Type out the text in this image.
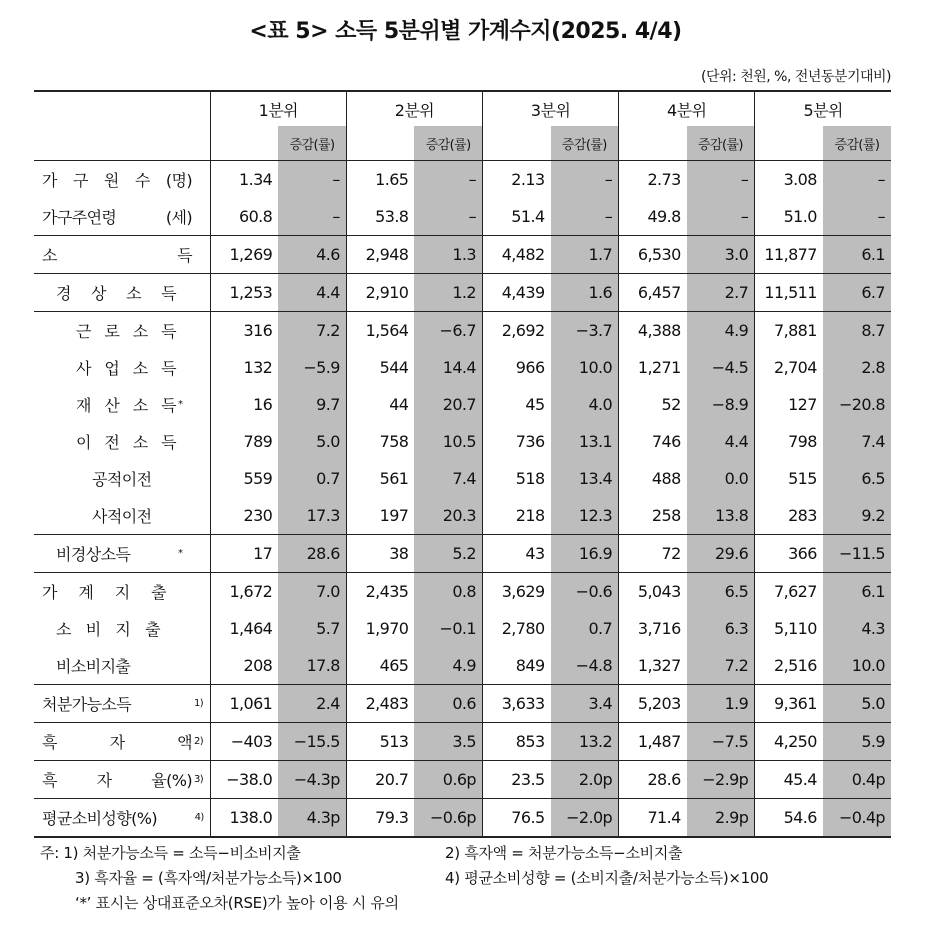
<표 5> 소득 5분위별 가계수지(2025. 4/4)
(단위: 천원, %, 전년동분기대비)
	1분위		2분위		3분위		4분위		5분위	
		증감(률)		증감(률)		증감(률)		증감(률)		증감(률)

가 구 원 수 (명)	1.34	–	1.65	–	2.13	–	2.73	–	3.08	–

가구주연령 (세)	60.8	–	53.8	–	51.4	–	49.8	–	51.0	–

소 득	1,269	4.6	2,948	1.3	4,482	1.7	6,530	3.0	11,877	6.1

경 상 소 득	1,253	4.4	2,910	1.2	4,439	1.6	6,457	2.7	11,511	6.7

근 로 소 득	316	7.2	1,564	−6.7	2,692	−3.7	4,388	4.9	7,881	8.7

사 업 소 득	132	−5.9	544	14.4	966	10.0	1,271	−4.5	2,704	2.8

재 산 소 득 *	16	9.7	44	20.7	45	4.0	52	−8.9	127	−20.8

이 전 소 득	789	5.0	758	10.5	736	13.1	746	4.4	798	7.4

공적이전	559	0.7	561	7.4	518	13.4	488	0.0	515	6.5

사적이전	230	17.3	197	20.3	218	12.3	258	13.8	283	9.2

비경상소득 *	17	28.6	38	5.2	43	16.9	72	29.6	366	−11.5

가 계 지 출	1,672	7.0	2,435	0.8	3,629	−0.6	5,043	6.5	7,627	6.1

소 비 지 출	1,464	5.7	1,970	−0.1	2,780	0.7	3,716	6.3	5,110	4.3

비소비지출	208	17.8	465	4.9	849	−4.8	1,327	7.2	2,516	10.0

처분가능소득 1)	1,061	2.4	2,483	0.6	3,633	3.4	5,203	1.9	9,361	5.0

흑 자 액 2)	−403	−15.5	513	3.5	853	13.2	1,487	−7.5	4,250	5.9

흑 자 율(%) 3)	−38.0	−4.3p	20.7	0.6p	23.5	2.0p	28.6	−2.9p	45.4	0.4p

평균소비성향(%) 4)	138.0	4.3p	79.3	−0.6p	76.5	−2.0p	71.4	2.9p	54.6	−0.4p
주: 1) 처분가능소득 = 소득−비소비지출	2) 흑자액 = 처분가능소득−소비지출
3) 흑자율 = (흑자액/처분가능소득)×100	4) 평균소비성향 = (소비지출/처분가능소득)×100
‘*’ 표시는 상대표준오차(RSE)가 높아 이용 시 유의
